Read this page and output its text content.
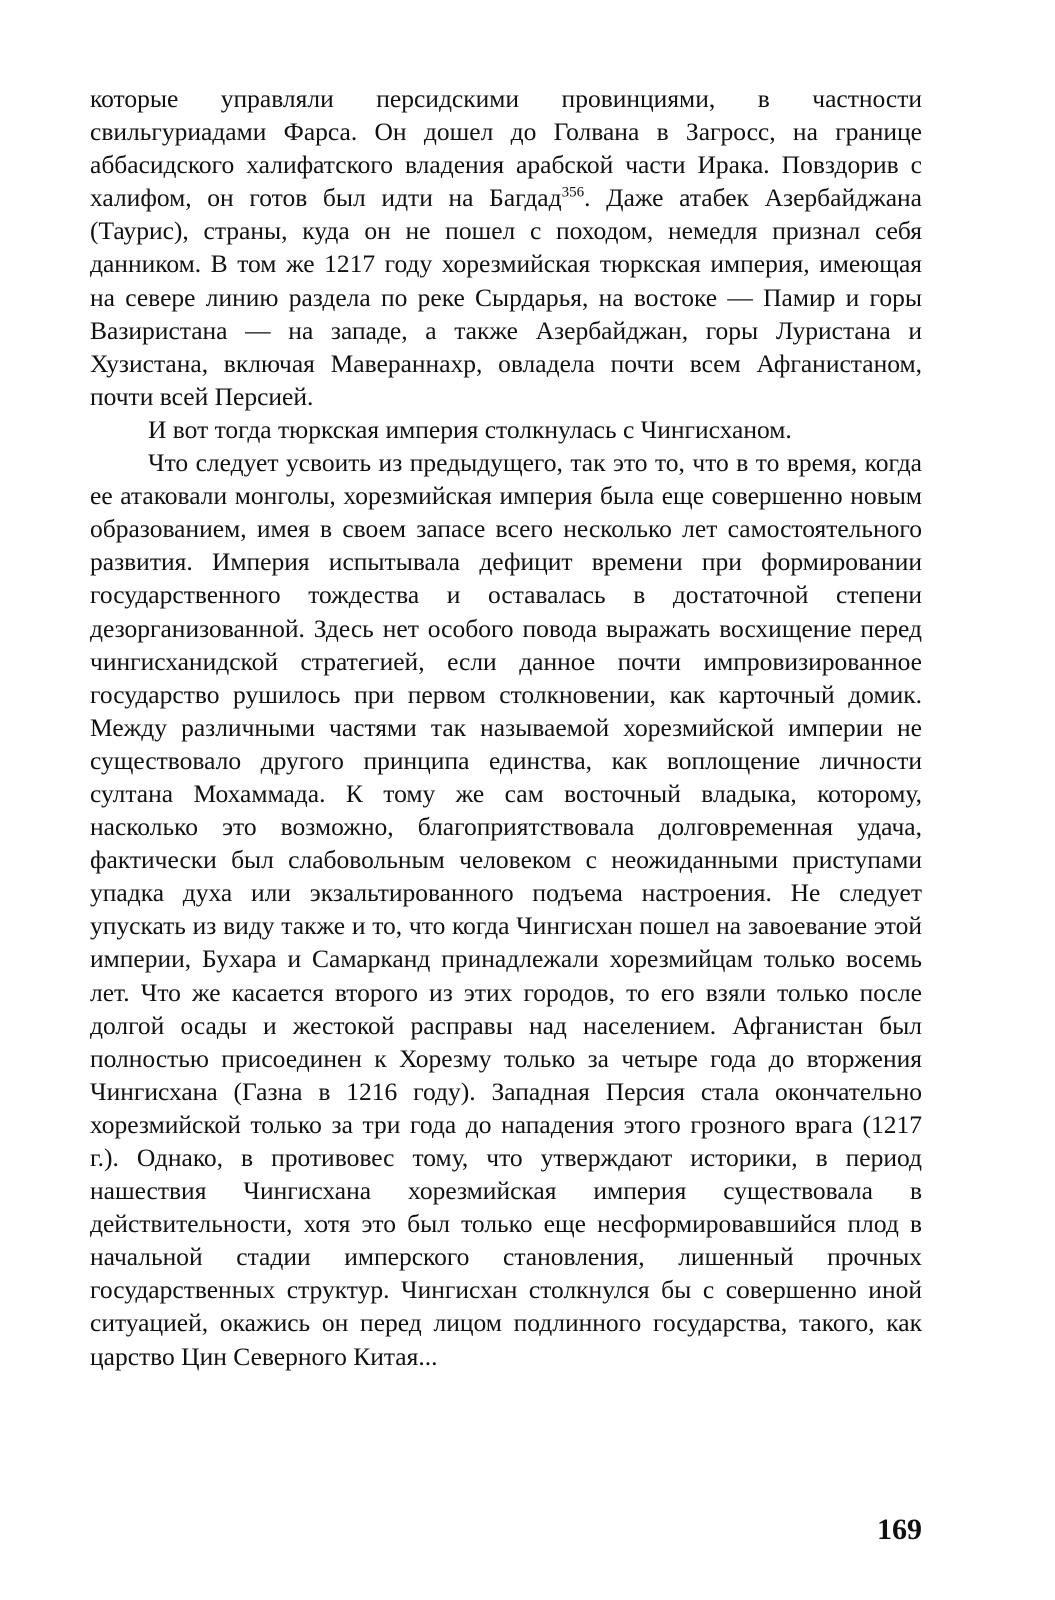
которые управляли персидскими провинциями, в частности свильгуриадами Фарса. Он дошел до Голвана в Загросс, на границе аббасидского халифатского владения арабской части Ирака. Повздорив с халифом, он готов был идти на Багдад$^{356}$. Даже атабек Азербайджана (Таурис), страны, куда он не пошел с походом, немедля признал себя данником. В том же 1217 году хорезмийская тюркская империя, имеющая на севере линию раздела по реке Сырдарья, на востоке — Памир и горы Вазиристана — на западе, а также Азербайджан, горы Луристана и Хузистана, включая Мавераннахр, овладела почти всем Афганистаном, почти всей Персией.

И вот тогда тюркская империя столкнулась с Чингисханом.

Что следует усвоить из предыдущего, так это то, что в то время, когда ее атаковали монголы, хорезмийская империя была еще совершенно новым образованием, имея в своем запасе всего несколько лет самостоятельного развития. Империя испытывала дефицит времени при формировании государственного тождества и оставалась в достаточной степени дезорганизованной. Здесь нет особого повода выражать восхищение перед чингисханидской стратегией, если данное почти импровизированное государство рушилось при первом столкновении, как карточный домик. Между различными частями так называемой хорезмийской империи не существовало другого принципа единства, как воплощение личности султана Мохаммада. К тому же сам восточный владыка, которому, насколько это возможно, благоприятствовала долговременная удача, фактически был слабовольным человеком с неожиданными приступами упадка духа или экзальтированного подъема настроения. Не следует упускать из виду также и то, что когда Чингисхан пошел на завоевание этой империи, Бухара и Самарканд принадлежали хорезмийцам только восемь лет. Что же касается второго из этих городов, то его взяли только после долгой осады и жестокой расправы над населением. Афганистан был полностью присоединен к Хорезму только за четыре года до вторжения Чингисхана (Газна в 1216 году). Западная Персия стала окончательно хорезмийской только за три года до нападения этого грозного врага (1217 г.). Однако, в противовес тому, что утверждают историки, в период нашествия Чингисхана хорезмийская империя существовала в действительности, хотя это был только еще несформировавшийся плод в начальной стадии имперского становления, лишенный прочных государственных структур. Чингисхан столкнулся бы с совершенно иной ситуацией, окажись он перед лицом подлинного государства, такого, как царство Цин Северного Китая...

169
